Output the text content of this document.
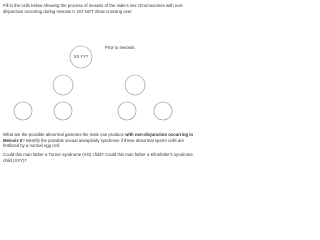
Fill in the cells below showing the process of meiosis of the male's sex chromosomes with non-disjunction occurring during meiosis II. DO NOT show crossing over.

Prior to meiosis:

XX YY?

What are the possible abnormal gametes the male can produce with non-disjunction occurring in Meiosis II? Identify the possible sexual aneuploidy syndrome if these abnormal sperm cells are fertilized by a normal egg cell.

Could this man father a Turner syndrome (XO) child? Could this man father a Klinefelter's syndrome child (XXY)?
